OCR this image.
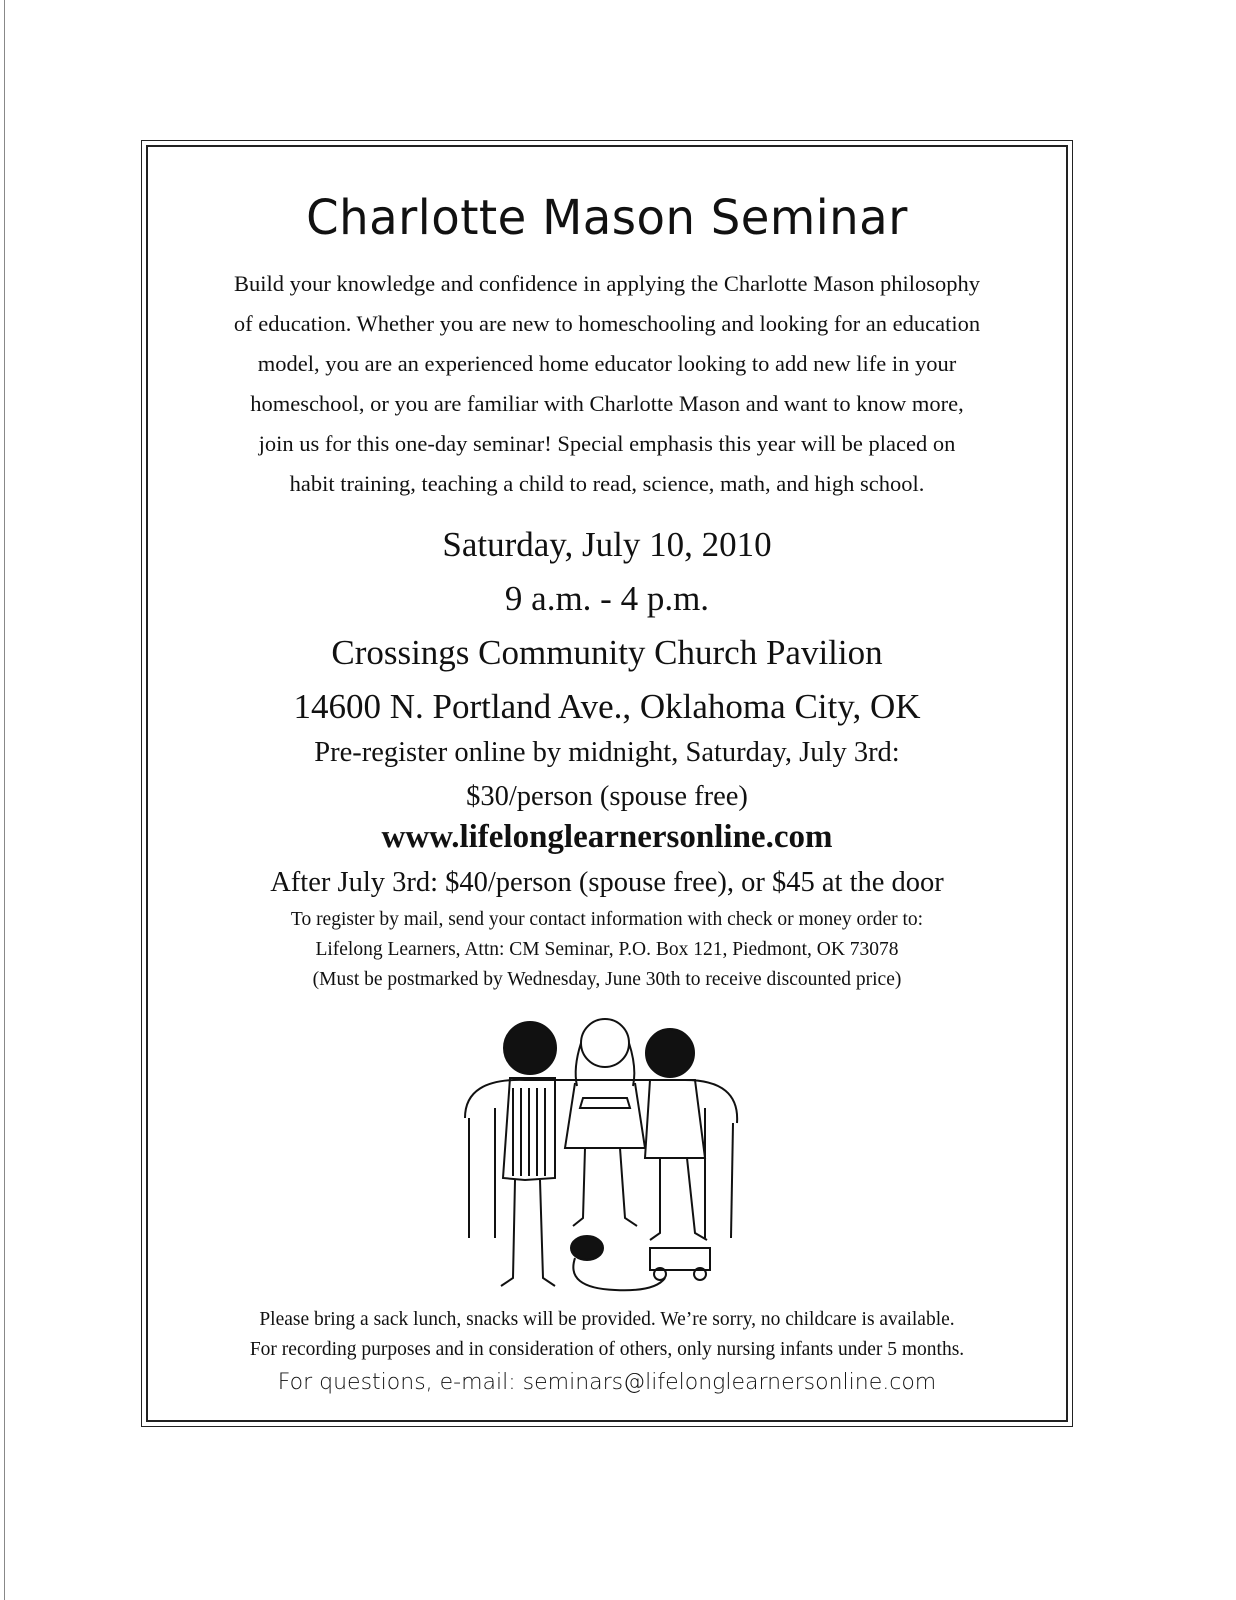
Charlotte Mason Seminar

Build your knowledge and confidence in applying the Charlotte Mason philosophy

of education. Whether you are new to homeschooling and looking for an education

model, you are an experienced home educator looking to add new life in your

homeschool, or you are familiar with Charlotte Mason and want to know more,

join us for this one-day seminar! Special emphasis this year will be placed on

habit training, teaching a child to read, science, math, and high school.

Saturday, July 10, 2010
9 a.m. - 4 p.m.
Crossings Community Church Pavilion
14600 N. Portland Ave., Oklahoma City, OK
Pre-register online by midnight, Saturday, July 3rd:
$30/person (spouse free)
www.lifelonglearnersonline.com
After July 3rd: $40/person (spouse free), or $45 at the door
To register by mail, send your contact information with check or money order to:
Lifelong Learners, Attn: CM Seminar, P.O. Box 121, Piedmont, OK 73078
(Must be postmarked by Wednesday, June 30th to receive discounted price)
Please bring a sack lunch, snacks will be provided. We’re sorry, no childcare is available.
For recording purposes and in consideration of others, only nursing infants under 5 months.
For questions, e-mail: seminars@lifelonglearnersonline.com
